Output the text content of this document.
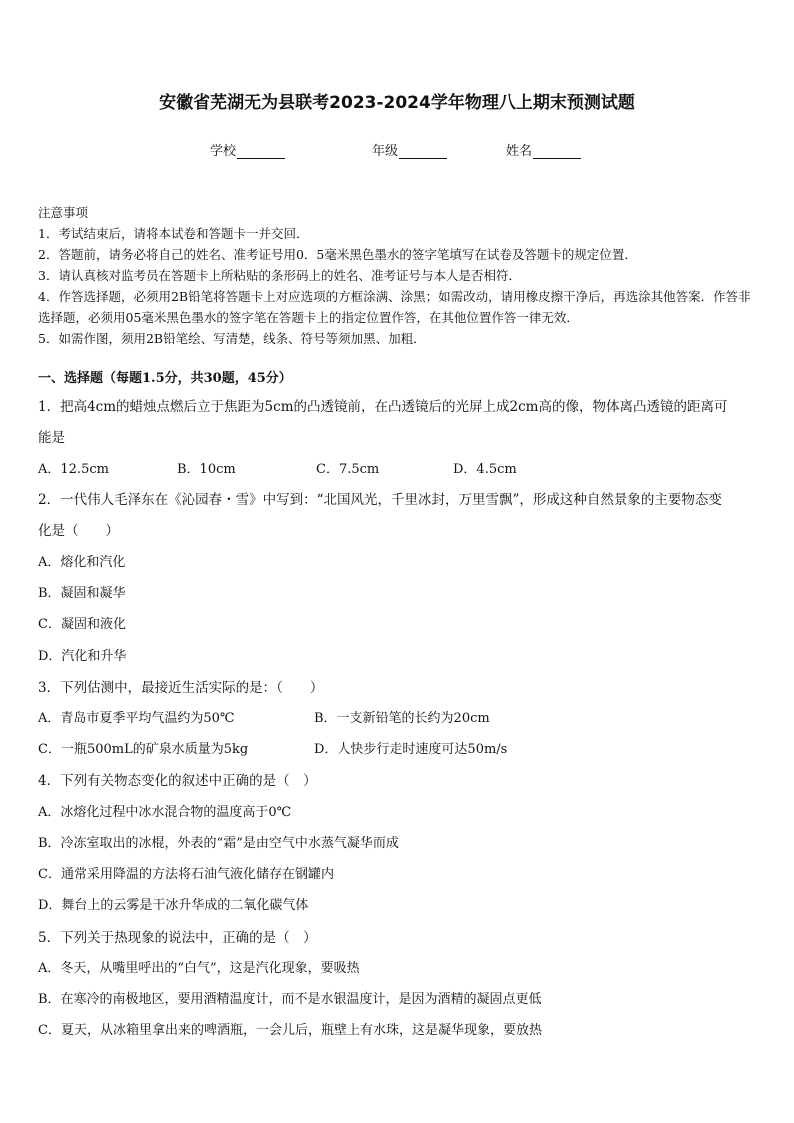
安徽省芜湖无为县联考2023-2024学年物理八上期末预测试题
学校	年级	姓名
注意事项
1．考试结束后，请将本试卷和答题卡一并交回．
2．答题前，请务必将自己的姓名、准考证号用0．5毫米黑色墨水的签字笔填写在试卷及答题卡的规定位置．
3．请认真核对监考员在答题卡上所粘贴的条形码上的姓名、准考证号与本人是否相符．
4．作答选择题，必须用2B铅笔将答题卡上对应选项的方框涂满、涂黑；如需改动，请用橡皮擦干净后，再选涂其他答案．作答非选择题，必须用05毫米黑色墨水的签字笔在答题卡上的指定位置作答，在其他位置作答一律无效．
5．如需作图，须用2B铅笔绘、写清楚，线条、符号等须加黑、加粗．
一、选择题（每题1.5分，共30题，45分）
1．把高4cm的蜡烛点燃后立于焦距为5cm的凸透镜前，在凸透镜后的光屏上成2cm高的像，物体离凸透镜的距离可
能是
A．12.5cm	B．10cm	C．7.5cm	D．4.5cm
2．一代伟人毛泽东在《沁园春・雪》中写到：“北国风光，千里冰封，万里雪飘”，形成这种自然景象的主要物态变
化是（　　）
A．熔化和汽化
B．凝固和凝华
C．凝固和液化
D．汽化和升华
3．下列估测中，最接近生活实际的是：（　　）
A．青岛市夏季平均气温约为50℃	B．一支新铅笔的长约为20cm
C．一瓶500mL的矿泉水质量为5kg	D．人快步行走时速度可达50m/s
4．下列有关物态变化的叙述中正确的是（　）
A．冰熔化过程中冰水混合物的温度高于0℃
B．冷冻室取出的冰棍，外表的“霜”是由空气中水蒸气凝华而成
C．通常采用降温的方法将石油气液化储存在钢罐内
D．舞台上的云雾是干冰升华成的二氧化碳气体
5．下列关于热现象的说法中，正确的是（　）
A．冬天，从嘴里呼出的“白气”，这是汽化现象，要吸热
B．在寒冷的南极地区，要用酒精温度计，而不是水银温度计，是因为酒精的凝固点更低
C．夏天，从冰箱里拿出来的啤酒瓶，一会儿后，瓶壁上有水珠，这是凝华现象，要放热
